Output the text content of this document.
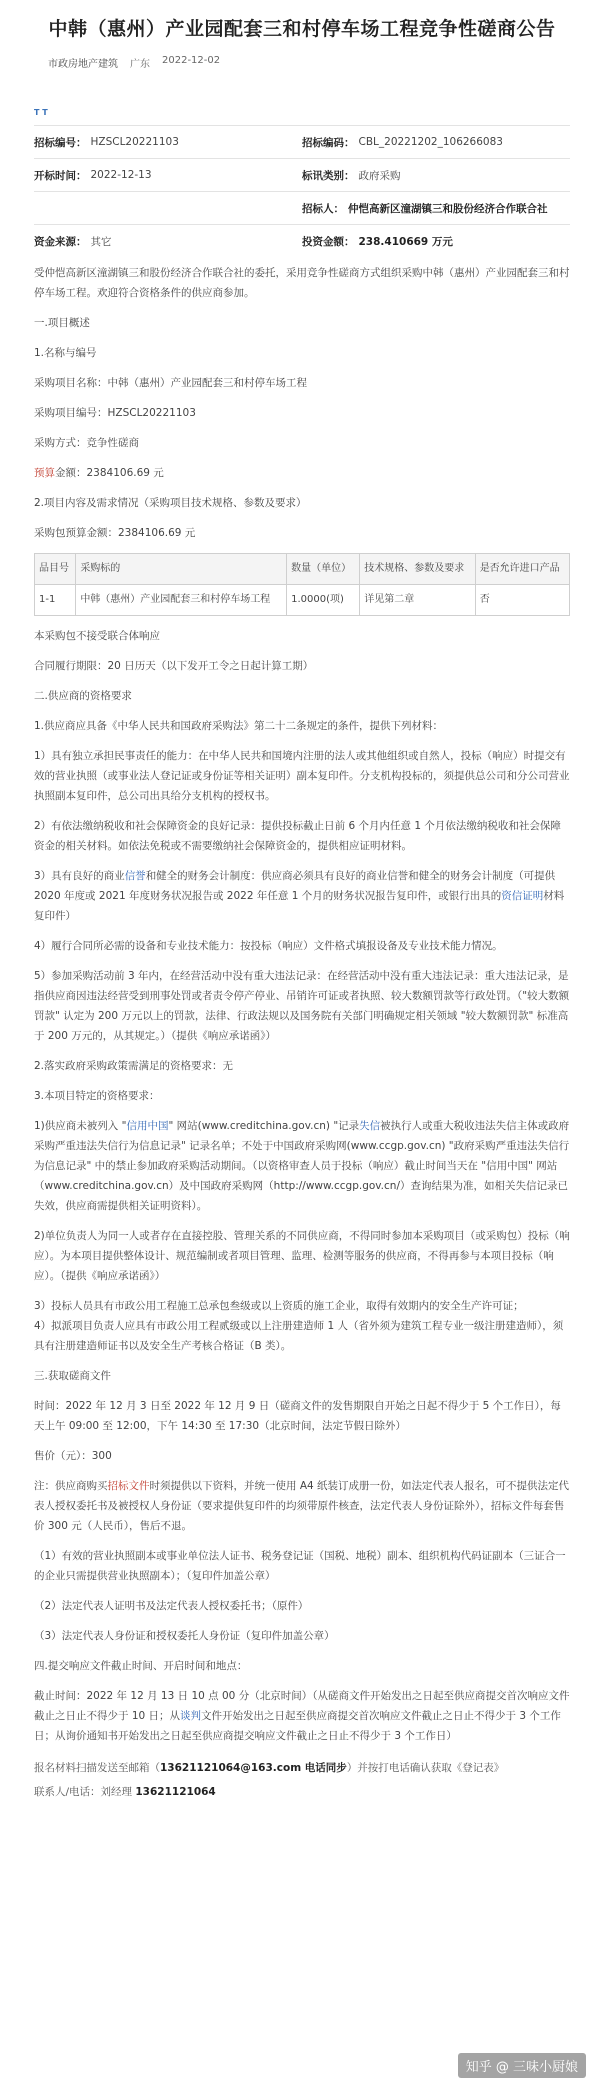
中韩（惠州）产业园配套三和村停车场工程竞争性磋商公告
市政房地产建筑 广东 2022-12-02
T T
招标编号： HZSCL20221103	招标编码： CBL_20221202_106266083
开标时间： 2022-12-13	标讯类别： 政府采购
招标人： 仲恺高新区潼湖镇三和股份经济合作联合社
资金来源： 其它	投资金额： 238.410669 万元

受仲恺高新区潼湖镇三和股份经济合作联合社的委托，采用竞争性磋商方式组织采购中韩（惠州）产业园配套三和村停车场工程。欢迎符合资格条件的供应商参加。

一.项目概述

1.名称与编号

采购项目名称：中韩（惠州）产业园配套三和村停车场工程

采购项目编号：HZSCL20221103

采购方式：竞争性磋商

预算金额：2384106.69 元

2.项目内容及需求情况（采购项目技术规格、参数及要求）

采购包预算金额：2384106.69 元

品目号	采购标的	数量（单位）	技术规格、参数及要求	是否允许进口产品
1-1	中韩（惠州）产业园配套三和村停车场工程	1.0000(项)	详见第二章	否

本采购包不接受联合体响应

合同履行期限：20 日历天（以下发开工令之日起计算工期）

二.供应商的资格要求

1.供应商应具备《中华人民共和国政府采购法》第二十二条规定的条件，提供下列材料：

1）具有独立承担民事责任的能力：在中华人民共和国境内注册的法人或其他组织或自然人，投标（响应）时提交有效的营业执照（或事业法人登记证或身份证等相关证明）副本复印件。分支机构投标的，须提供总公司和分公司营业执照副本复印件，总公司出具给分支机构的授权书。

2）有依法缴纳税收和社会保障资金的良好记录：提供投标截止日前 6 个月内任意 1 个月依法缴纳税收和社会保障资金的相关材料。如依法免税或不需要缴纳社会保障资金的，提供相应证明材料。

3）具有良好的商业信誉和健全的财务会计制度：供应商必须具有良好的商业信誉和健全的财务会计制度（可提供 2020 年度或 2021 年度财务状况报告或 2022 年任意 1 个月的财务状况报告复印件，或银行出具的资信证明材料复印件）

4）履行合同所必需的设备和专业技术能力：按投标（响应）文件格式填报设备及专业技术能力情况。

5）参加采购活动前 3 年内，在经营活动中没有重大违法记录：在经营活动中没有重大违法记录：重大违法记录，是指供应商因违法经营受到刑事处罚或者责令停产停业、吊销许可证或者执照、较大数额罚款等行政处罚。（"较大数额罚款" 认定为 200 万元以上的罚款，法律、行政法规以及国务院有关部门明确规定相关领域 "较大数额罚款" 标准高于 200 万元的，从其规定。）（提供《响应承诺函》）

2.落实政府采购政策需满足的资格要求：无

3.本项目特定的资格要求：

1)供应商未被列入 "信用中国" 网站(www.creditchina.gov.cn) "记录失信被执行人或重大税收违法失信主体或政府采购严重违法失信行为信息记录" 记录名单；不处于中国政府采购网(www.ccgp.gov.cn) "政府采购严重违法失信行为信息记录" 中的禁止参加政府采购活动期间。（以资格审查人员于投标（响应）截止时间当天在 "信用中国" 网站（www.creditchina.gov.cn）及中国政府采购网（http://www.ccgp.gov.cn/）查询结果为准，如相关失信记录已失效，供应商需提供相关证明资料）。

2)单位负责人为同一人或者存在直接控股、管理关系的不同供应商，不得同时参加本采购项目（或采购包）投标（响应）。为本项目提供整体设计、规范编制或者项目管理、监理、检测等服务的供应商，不得再参与本项目投标（响应）。（提供《响应承诺函》）

3）投标人员具有市政公用工程施工总承包叁级或以上资质的施工企业，取得有效期内的安全生产许可证；

4）拟派项目负责人应具有市政公用工程贰级或以上注册建造师 1 人（省外须为建筑工程专业一级注册建造师），须具有注册建造师证书以及安全生产考核合格证（B 类）。

三.获取磋商文件

时间：2022 年 12 月 3 日至 2022 年 12 月 9 日（磋商文件的发售期限自开始之日起不得少于 5 个工作日），每天上午 09:00 至 12:00，下午 14:30 至 17:30（北京时间，法定节假日除外）

售价（元）：300

注：供应商购买招标文件时须提供以下资料，并统一使用 A4 纸装订成册一份，如法定代表人报名，可不提供法定代表人授权委托书及被授权人身份证（要求提供复印件的均须带原件核查，法定代表人身份证除外），招标文件每套售价 300 元（人民币），售后不退。

（1）有效的营业执照副本或事业单位法人证书、税务登记证（国税、地税）副本、组织机构代码证副本（三证合一的企业只需提供营业执照副本）；（复印件加盖公章）

（2）法定代表人证明书及法定代表人授权委托书；（原件）

（3）法定代表人身份证和授权委托人身份证（复印件加盖公章）

四.提交响应文件截止时间、开启时间和地点：

截止时间：2022 年 12 月 13 日 10 点 00 分（北京时间）（从磋商文件开始发出之日起至供应商提交首次响应文件截止之日止不得少于 10 日；从谈判文件开始发出之日起至供应商提交首次响应文件截止之日止不得少于 3 个工作日；从询价通知书开始发出之日起至供应商提交响应文件截止之日止不得少于 3 个工作日）

报名材料扫描发送至邮箱（13621121064@163.com 电话同步）并按打电话确认获取《登记表》
联系人/电话：刘经理 13621121064
知乎 @ 三味小厨娘
